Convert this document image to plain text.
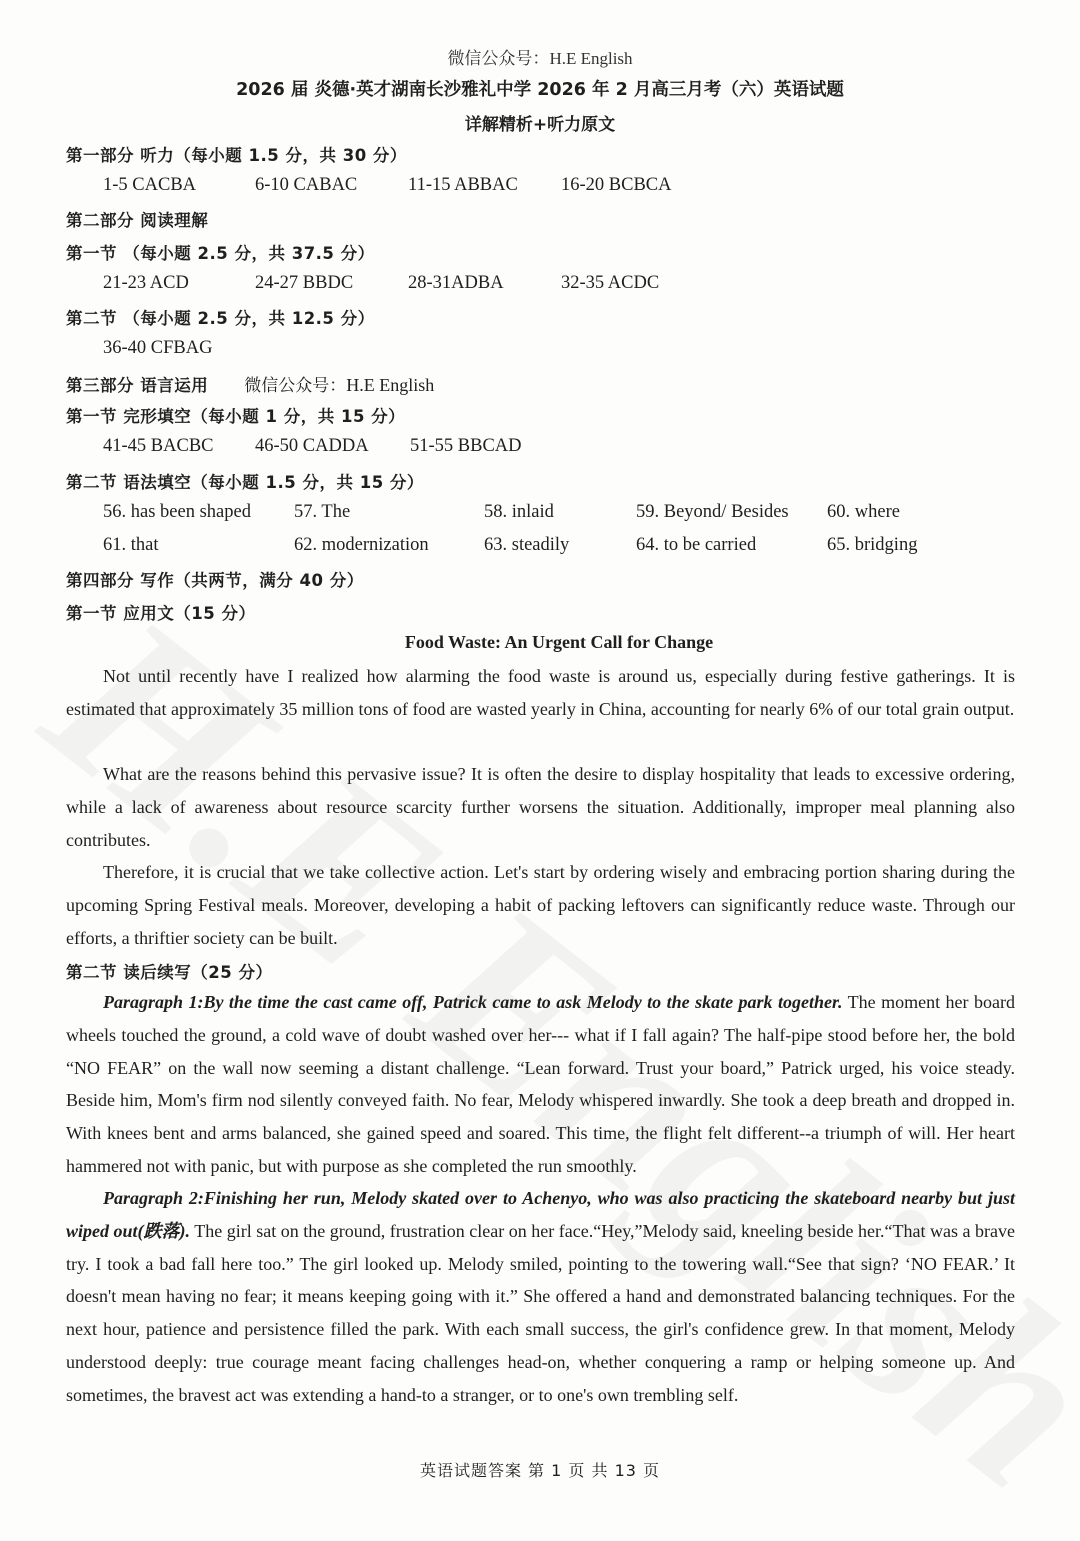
微信公众号：H.E English
2026 届 炎德·英才湖南长沙雅礼中学 2026 年 2 月高三月考（六）英语试题
详解精析+听力原文
第一部分 听力（每小题 1.5 分，共 30 分）
1-5 CACBA	6-10 CABAC	11-15 ABBAC 16-20 BCBCA
第二部分 阅读理解
第一节 （每小题 2.5 分，共 37.5 分）
21-23 ACD	24-27 BBDC	28-31ADBA	32-35 ACDC
第二节 （每小题 2.5 分，共 12.5 分）
36-40 CFBAG
第三部分 语言运用 微信公众号：H.E English
第一节 完形填空（每小题 1 分，共 15 分）
41-45 BACBC 46-50 CADDA 51-55 BBCAD
第二节 语法填空（每小题 1.5 分，共 15 分）
56. has been shaped 57. The	58. inlaid	59. Beyond/ Besides 60. where
61. that	62. modernization	63. steadily	64. to be carried	65. bridging
第四部分 写作（共两节，满分 40 分）
第一节 应用文（15 分）
Food Waste: An Urgent Call for Change

Not until recently have I realized how alarming the food waste is around us, especially during festive gatherings. It is estimated that approximately 35 million tons of food are wasted yearly in China, accounting for nearly 6% of our total grain output.

What are the reasons behind this pervasive issue? It is often the desire to display hospitality that leads to excessive ordering, while a lack of awareness about resource scarcity further worsens the situation. Additionally, improper meal planning also contributes.

Therefore, it is crucial that we take collective action. Let's start by ordering wisely and embracing portion sharing during the upcoming Spring Festival meals. Moreover, developing a habit of packing leftovers can significantly reduce waste. Through our efforts, a thriftier society can be built.

第二节 读后续写（25 分）

Paragraph 1:By the time the cast came off, Patrick came to ask Melody to the skate park together. The moment her board wheels touched the ground, a cold wave of doubt washed over her--- what if I fall again? The half-pipe stood before her, the bold “NO FEAR” on the wall now seeming a distant challenge. “Lean forward. Trust your board,” Patrick urged, his voice steady. Beside him, Mom's firm nod silently conveyed faith. No fear, Melody whispered inwardly. She took a deep breath and dropped in. With knees bent and arms balanced, she gained speed and soared. This time, the flight felt different--a triumph of will. Her heart hammered not with panic, but with purpose as she completed the run smoothly.

Paragraph 2:Finishing her run, Melody skated over to Achenyo, who was also practicing the skateboard nearby but just wiped out(跌落). The girl sat on the ground, frustration clear on her face.“Hey,”Melody said, kneeling beside her.“That was a brave try. I took a bad fall here too.” The girl looked up. Melody smiled, pointing to the towering wall.“See that sign? ‘NO FEAR.’ It doesn't mean having no fear; it means keeping going with it.” She offered a hand and demonstrated balancing techniques. For the next hour, patience and persistence filled the park. With each small success, the girl's confidence grew. In that moment, Melody understood deeply: true courage meant facing challenges head-on, whether conquering a ramp or helping someone up. And sometimes, the bravest act was extending a hand-to a stranger, or to one's own trembling self.

英语试题答案 第 1 页 共 13 页
